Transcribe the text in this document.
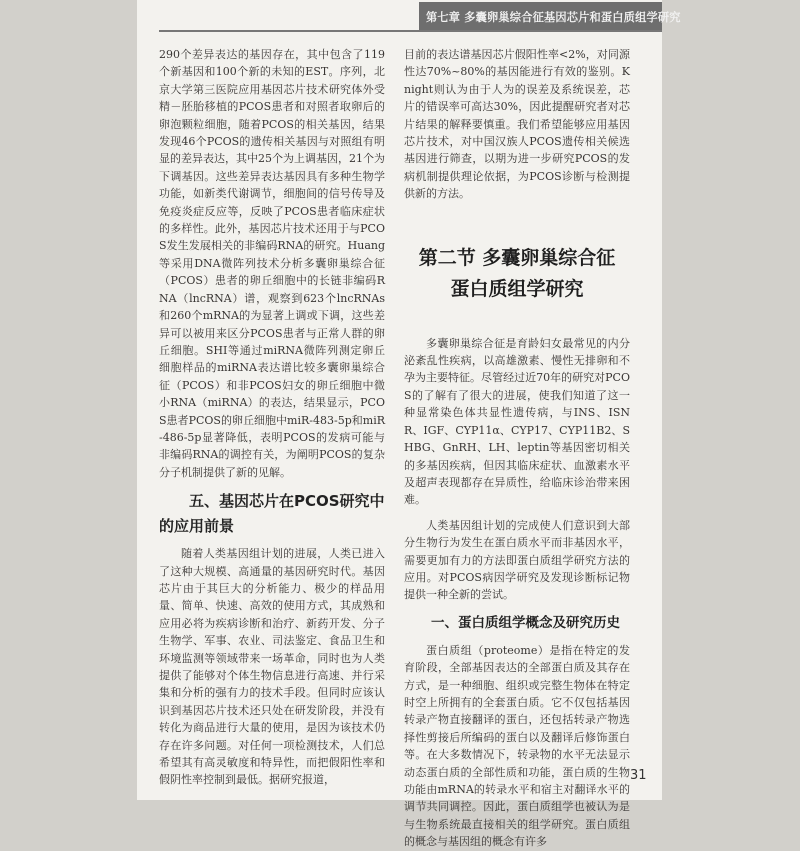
第七章 多囊卵巢综合征基因芯片和蛋白质组学研究

290个差异表达的基因存在，其中包含了119个新基因和100个新的未知的EST。序列，北京大学第三医院应用基因芯片技术研究体外受精－胚胎移植的PCOS患者和对照者取卵后的卵泡颗粒细胞，随着PCOS的相关基因，结果发现46个PCOS的遗传相关基因与对照组有明显的差异表达，其中25个为上调基因，21个为下调基因。这些差异表达基因具有多种生物学功能，如新类代谢调节，细胞间的信号传导及免疫炎症反应等，反映了PCOS患者临床症状的多样性。此外，基因芯片技术还用于与PCOS发生发展相关的非编码RNA的研究。Huang等采用DNA微阵列技术分析多囊卵巢综合征（PCOS）患者的卵丘细胞中的长链非编码RNA（lncRNA）谱，观察到623个lncRNAs和260个mRNA的为显著上调或下调，这些差异可以被用来区分PCOS患者与正常人群的卵丘细胞。SHI等通过miRNA微阵列测定卵丘细胞样品的miRNA表达谱比较多囊卵巢综合征（PCOS）和非PCOS妇女的卵丘细胞中微小RNA（miRNA）的表达，结果显示，PCOS患者PCOS的卵丘细胞中miR-483-5p和miR-486-5p显著降低，表明PCOS的发病可能与非编码RNA的调控有关，为阐明PCOS的复杂分子机制提供了新的见解。

五、基因芯片在PCOS研究中的应用前景

随着人类基因组计划的进展，人类已进入了这种大规模、高通量的基因研究时代。基因芯片由于其巨大的分析能力、极少的样品用量、简单、快速、高效的使用方式，其成熟和应用必将为疾病诊断和治疗、新药开发、分子生物学、军事、农业、司法鉴定、食品卫生和环境监测等领域带来一场革命，同时也为人类提供了能够对个体生物信息进行高速、并行采集和分析的强有力的技术手段。但同时应该认识到基因芯片技术还只处在研发阶段，并没有转化为商品进行大量的使用，是因为该技术仍存在许多问题。对任何一项检测技术，人们总希望其有高灵敏度和特异性，而把假阳性率和假阴性率控制到最低。据研究报道，

目前的表达谱基因芯片假阳性率<2%，对同源性达70%~80%的基因能进行有效的鉴别。Knight则认为由于人为的误差及系统误差，芯片的错误率可高达30%，因此提醒研究者对芯片结果的解释要慎重。我们希望能够应用基因芯片技术，对中国汉族人PCOS遗传相关候选基因进行筛查，以期为进一步研究PCOS的发病机制提供理论依据，为PCOS诊断与检测提供新的方法。

第二节 多囊卵巢综合征
蛋白质组学研究

多囊卵巢综合征是育龄妇女最常见的内分泌紊乱性疾病，以高雄激素、慢性无排卵和不孕为主要特征。尽管经过近70年的研究对PCOS的了解有了很大的进展，使我们知道了这一种显常染色体共显性遗传病，与INS、ISNR、IGF、CYP11α、CYP17、CYP11B2、SHBG、GnRH、LH、leptin等基因密切相关的多基因疾病，但因其临床症状、血激素水平及超声表现都存在异质性，给临床诊治带来困难。

人类基因组计划的完成使人们意识到大部分生物行为发生在蛋白质水平而非基因水平，需要更加有力的方法即蛋白质组学研究方法的应用。对PCOS病因学研究及发现诊断标记物提供一种全新的尝试。

一、蛋白质组学概念及研究历史

蛋白质组（proteome）是指在特定的发育阶段，全部基因表达的全部蛋白质及其存在方式，是一种细胞、组织或完整生物体在特定时空上所拥有的全套蛋白质。它不仅包括基因转录产物直接翻译的蛋白，还包括转录产物选择性剪接后所编码的蛋白以及翻译后修饰蛋白等。在大多数情况下，转录物的水平无法显示动态蛋白质的全部性质和功能，蛋白质的生物功能由mRNA的转录水平和宿主对翻译水平的调节共同调控。因此，蛋白质组学也被认为是与生物系统最直接相关的组学研究。蛋白质组的概念与基因组的概念有许多

31
